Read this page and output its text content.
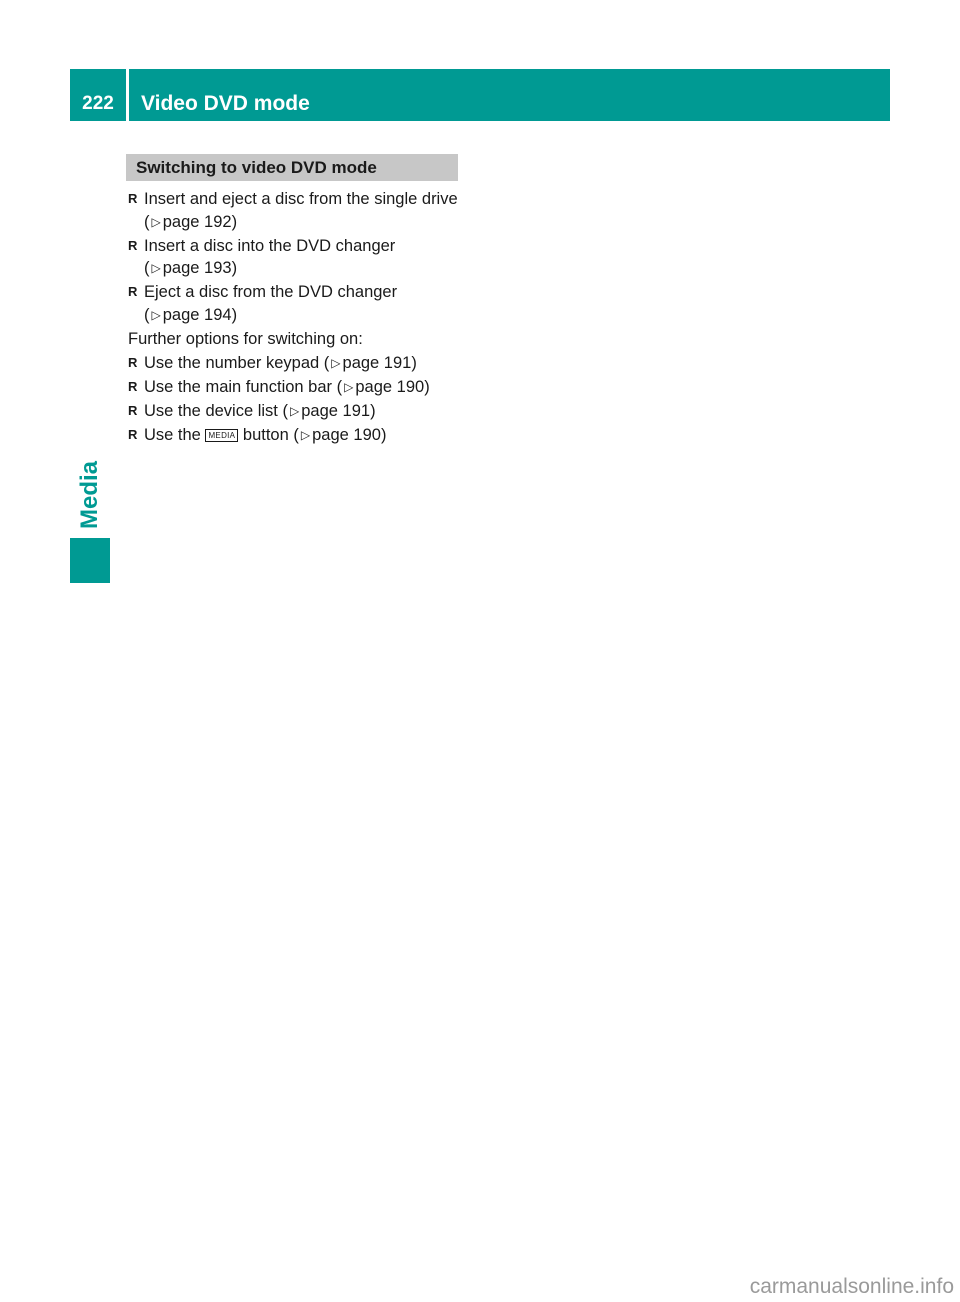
222	Video DVD mode
Media
Switching to video DVD mode
R Insert and eject a disc from the single drive
( ▷ page 192)
R Insert a disc into the DVD changer
( ▷ page 193)
R Eject a disc from the DVD changer
( ▷ page 194)
Further options for switching on:
R Use the number keypad ( ▷ page 191)
R Use the main function bar ( ▷ page 190)
R Use the device list ( ▷ page 191)
R Use the MEDIA button ( ▷ page 190)
carmanualsonline.info
